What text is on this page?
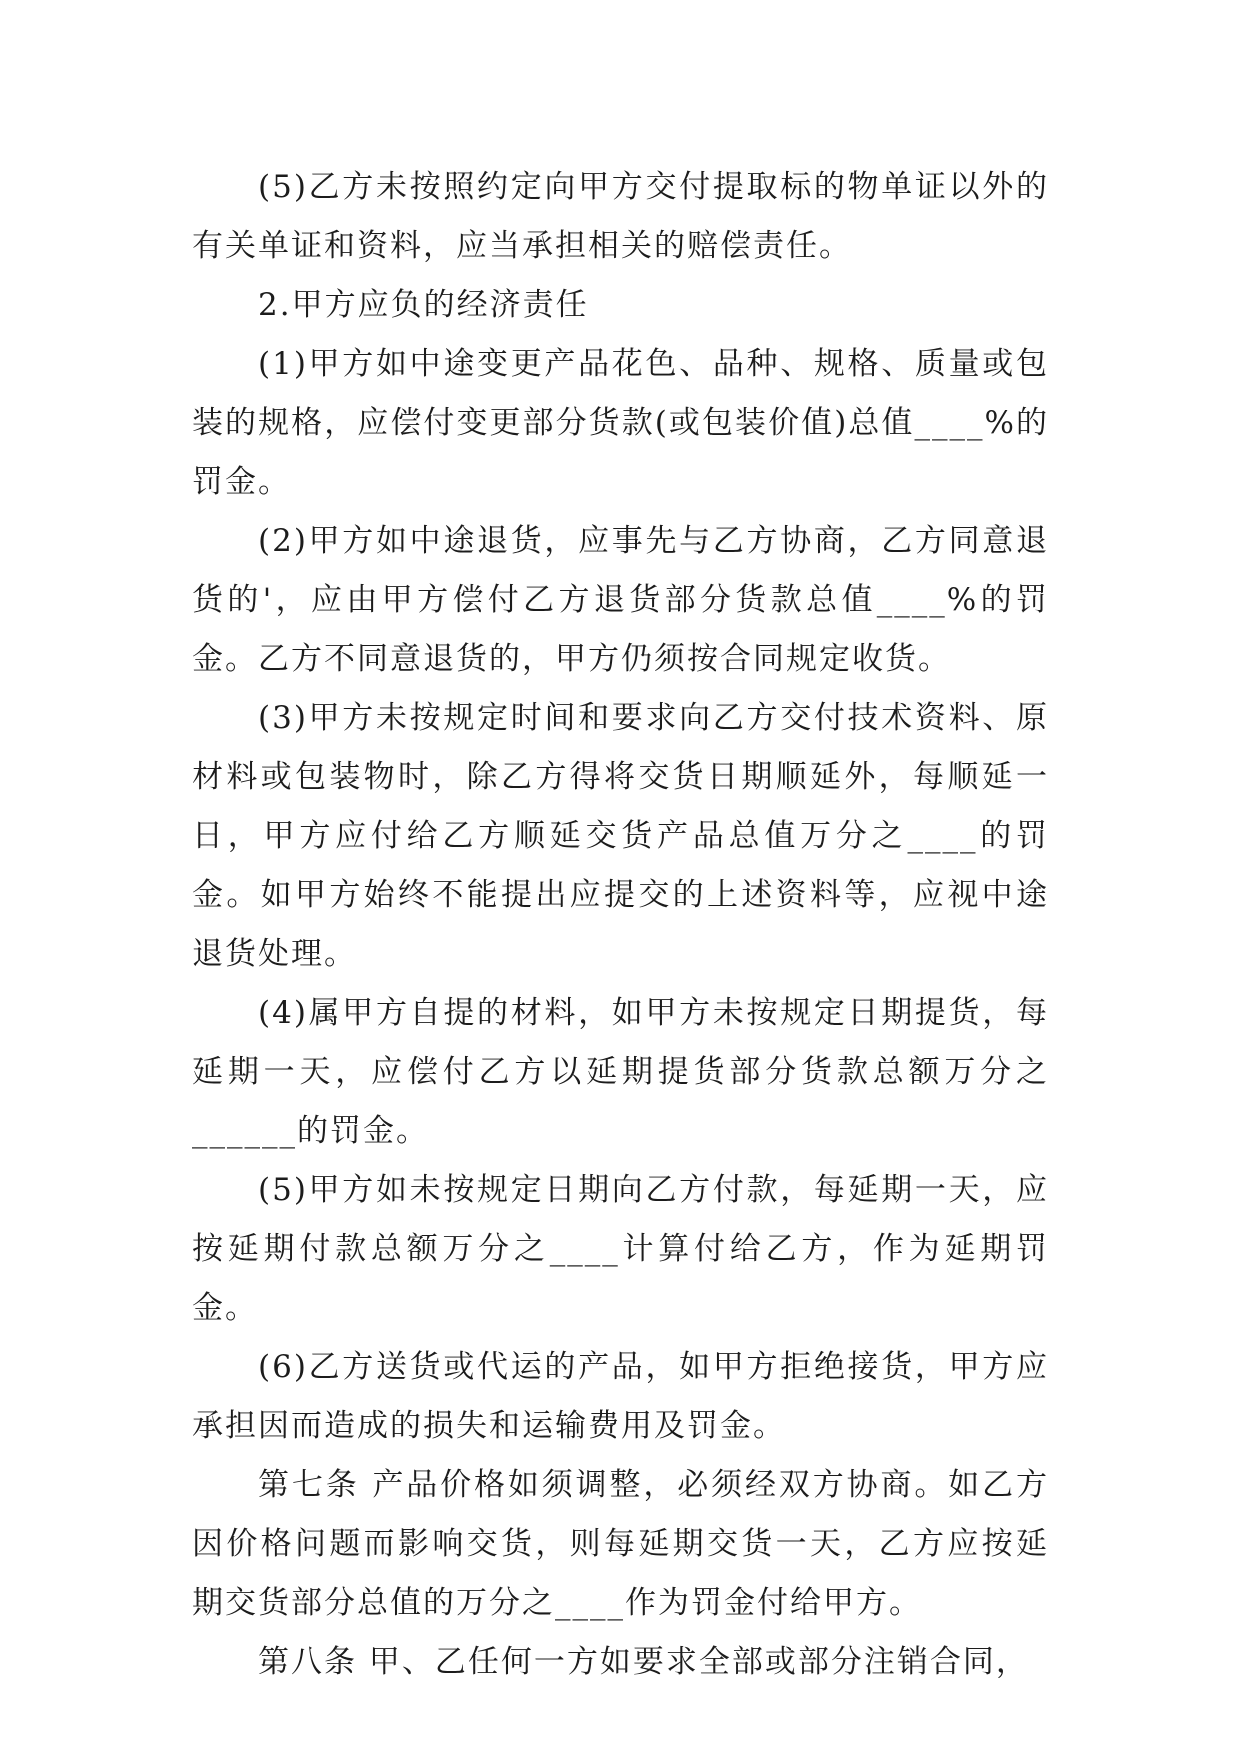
(5)乙方未按照约定向甲方交付提取标的物单证以外的有关单证和资料，应当承担相关的赔偿责任。

2.甲方应负的经济责任

(1)甲方如中途变更产品花色、品种、规格、质量或包装的规格，应偿付变更部分货款(或包装价值)总值____%的罚金。

(2)甲方如中途退货，应事先与乙方协商，乙方同意退货的'，应由甲方偿付乙方退货部分货款总值____%的罚金。乙方不同意退货的，甲方仍须按合同规定收货。

(3)甲方未按规定时间和要求向乙方交付技术资料、原材料或包装物时，除乙方得将交货日期顺延外，每顺延一日，甲方应付给乙方顺延交货产品总值万分之____的罚金。如甲方始终不能提出应提交的上述资料等，应视中途退货处理。

(4)属甲方自提的材料，如甲方未按规定日期提货，每延期一天，应偿付乙方以延期提货部分货款总额万分之______的罚金。

(5)甲方如未按规定日期向乙方付款，每延期一天，应按延期付款总额万分之____计算付给乙方，作为延期罚金。

(6)乙方送货或代运的产品，如甲方拒绝接货，甲方应承担因而造成的损失和运输费用及罚金。

第七条 产品价格如须调整，必须经双方协商。如乙方因价格问题而影响交货，则每延期交货一天，乙方应按延期交货部分总值的万分之____作为罚金付给甲方。

第八条 甲、乙任何一方如要求全部或部分注销合同，
